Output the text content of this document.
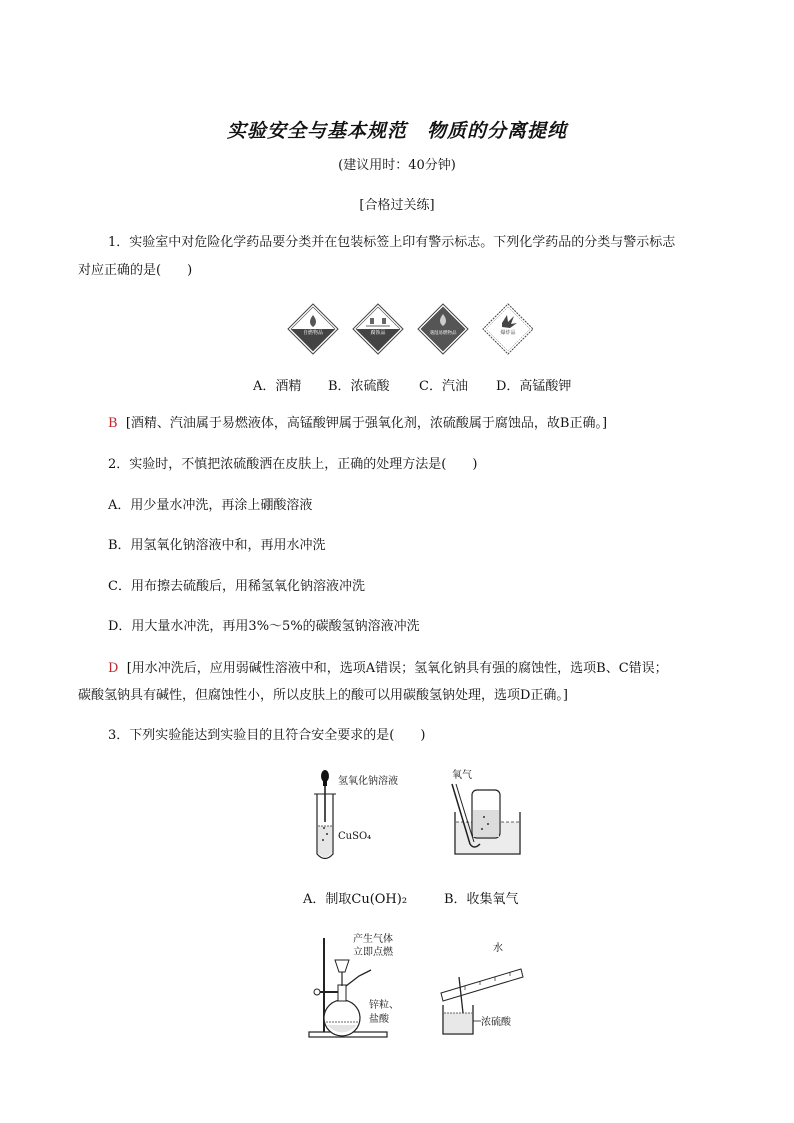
实验安全与基本规范　物质的分离提纯
(建议用时：40分钟)
[合格过关练]
1．实验室中对危险化学药品要分类并在包装标签上印有警示标志。下列化学药品的分类与警示标志
对应正确的是(　　)
自燃物品	腐蚀品	遇湿易燃物品	爆炸品
A．酒精 B．浓硫酸 C．汽油 D．高锰酸钾
B [酒精、汽油属于易燃液体，高锰酸钾属于强氧化剂，浓硫酸属于腐蚀品，故B正确。]
2．实验时，不慎把浓硫酸洒在皮肤上，正确的处理方法是(　　)
A．用少量水冲洗，再涂上硼酸溶液
B．用氢氧化钠溶液中和，再用水冲洗
C．用布擦去硫酸后，用稀氢氧化钠溶液冲洗
D．用大量水冲洗，再用3%～5%的碳酸氢钠溶液冲洗
D [用水冲洗后，应用弱碱性溶液中和，选项A错误；氢氧化钠具有强的腐蚀性，选项B、C错误；
碳酸氢钠具有碱性，但腐蚀性小，所以皮肤上的酸可以用碳酸氢钠处理，选项D正确。]
3．下列实验能达到实验目的且符合安全要求的是(　　)
氢氧化钠溶液
CuSO₄
氧气
A．制取Cu(OH)₂	B．收集氧气
产生气体
立即点燃
锌粒、
盐酸
水
浓硫酸
